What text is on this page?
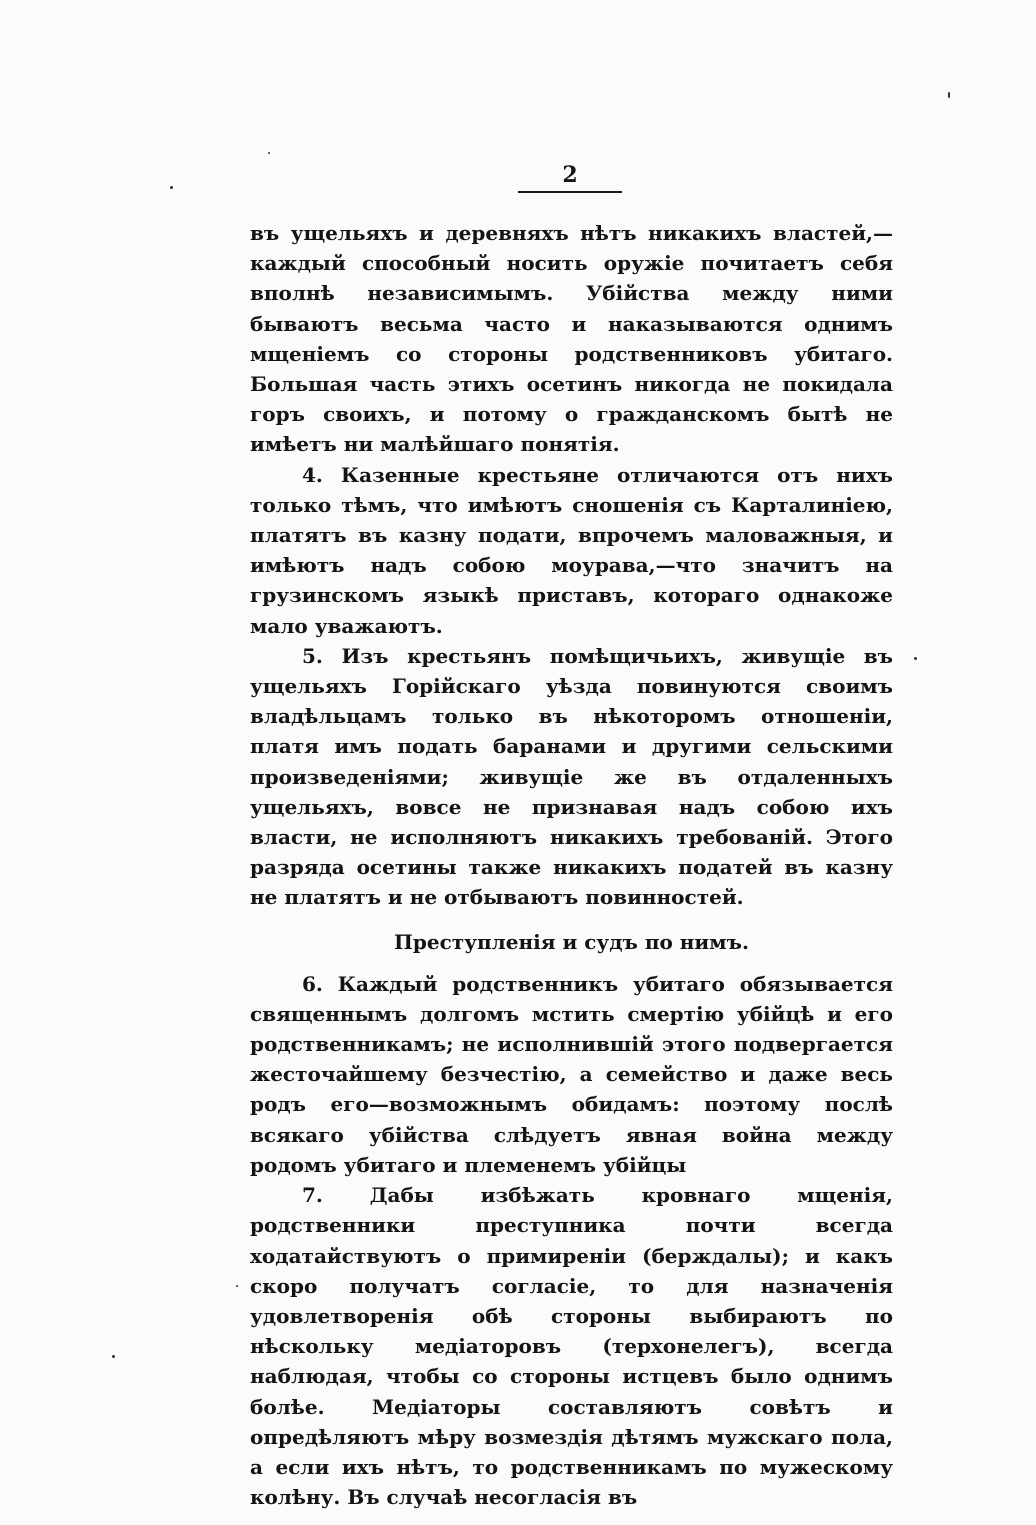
2

въ ущельяхъ и деревняхъ нѣтъ никакихъ властей,—каждый способный носить оружіе почитаетъ себя вполнѣ независимымъ. Убійства между ними бываютъ весьма часто и наказываются однимъ мщеніемъ со стороны родственниковъ убитаго. Большая часть этихъ осетинъ никогда не покидала горъ своихъ, и потому о гражданскомъ бытѣ не имѣетъ ни малѣйшаго понятія.

4. Казенные крестьяне отличаются отъ нихъ только тѣмъ, что имѣютъ сношенія съ Карталиніею, платятъ въ казну подати, впрочемъ маловажныя, и имѣютъ надъ собою моурава,—что значитъ на грузинскомъ языкѣ приставъ, котораго однакоже мало уважаютъ.

5. Изъ крестьянъ помѣщичьихъ, живущіе въ ущельяхъ Горійскаго уѣзда повинуются своимъ владѣльцамъ только въ нѣкоторомъ отношеніи, платя имъ подать баранами и другими сельскими произведеніями; живущіе же въ отдаленныхъ ущельяхъ, вовсе не признавая надъ собою ихъ власти, не исполняютъ никакихъ требованій. Этого разряда осетины также никакихъ податей въ казну не платятъ и не отбываютъ повинностей.

Преступленія и судъ по нимъ.

6. Каждый родственникъ убитаго обязывается священнымъ долгомъ мстить смертію убійцѣ и его родственникамъ; не исполнившій этого подвергается жесточайшему безчестію, а семейство и даже весь родъ его—возможнымъ обидамъ: поэтому послѣ всякаго убійства слѣдуетъ явная война между родомъ убитаго и племенемъ убійцы

7. Дабы избѣжать кровнаго мщенія, родственники преступника почти всегда ходатайствуютъ о примиреніи (берждалы); и какъ скоро получатъ согласіе, то для назначенія удовлетворенія обѣ стороны выбираютъ по нѣскольку медіаторовъ (терхонелегъ), всегда наблюдая, чтобы со стороны истцевъ было однимъ болѣе. Медіаторы составляютъ совѣтъ и опредѣляютъ мѣру возмездія дѣтямъ мужскаго пола, а если ихъ нѣтъ, то родственникамъ по мужескому колѣну. Въ случаѣ несогласія въ
